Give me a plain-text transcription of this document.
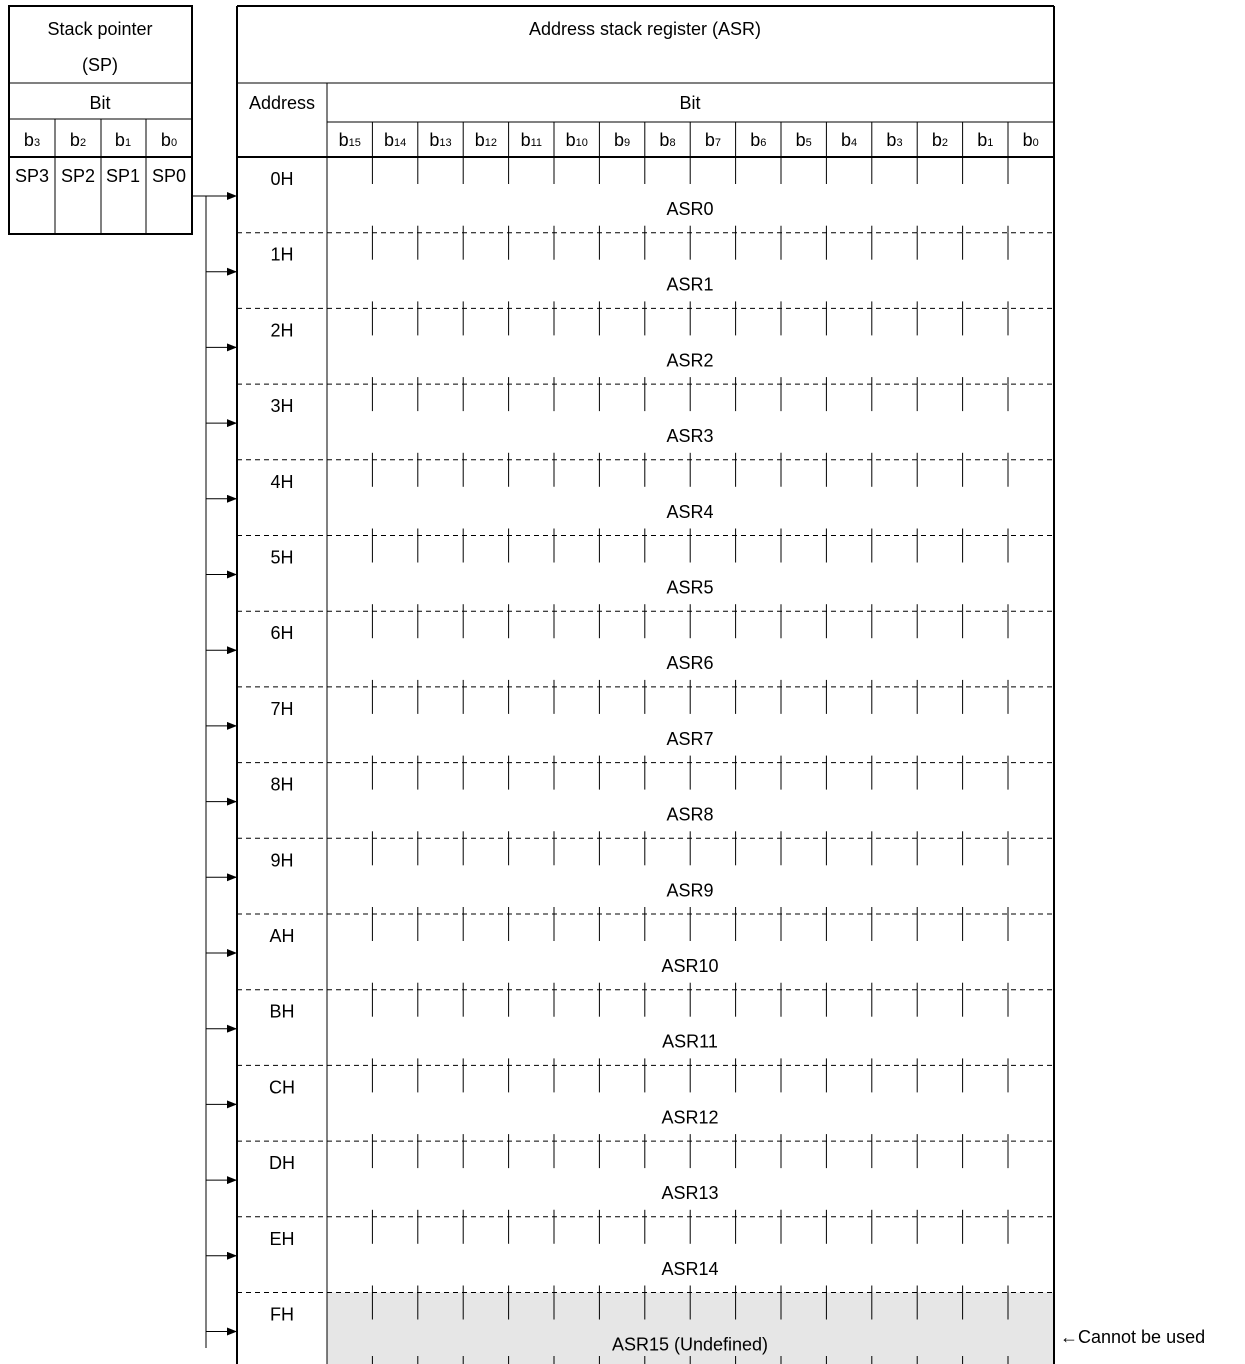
Stack pointer
(SP)
Bit
b3 b2 b1 b0
SP3 SP2 SP1 SP0
Address stack register (ASR)
Address	Bit
b15 b14 b13 b12 b11 b10 b9 b8 b7 b6 b5 b4 b3 b2 b1 b0
0H
ASR0
1H
ASR1
2H
ASR2
3H
ASR3
4H
ASR4
5H
ASR5
6H
ASR6
7H
ASR7
8H
ASR8
9H
ASR9
AH
ASR10
BH
ASR11
CH
ASR12
DH
ASR13
EH
ASR14
FH
ASR15 (Undefined)	←Cannot be used
